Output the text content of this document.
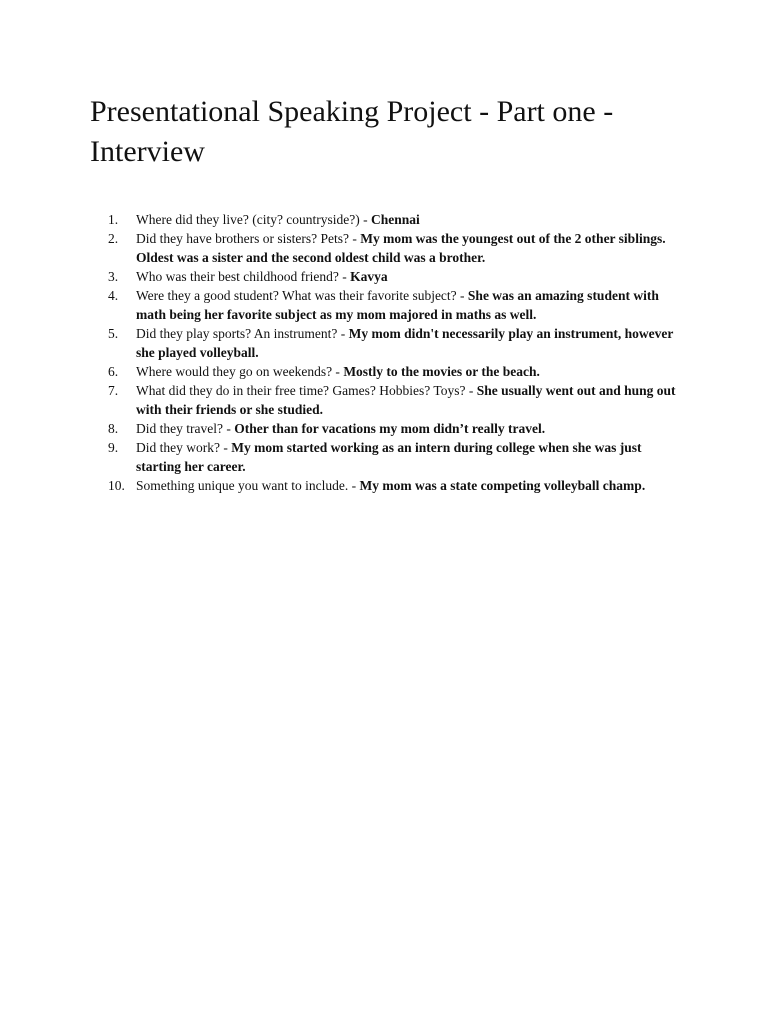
Presentational Speaking Project - Part one - Interview
1.	Where did they live? (city? countryside?) - Chennai
2.	Did they have brothers or sisters? Pets? - My mom was the youngest out of the 2 other siblings. Oldest was a sister and the second oldest child was a brother.
3.	Who was their best childhood friend? - Kavya
4.	Were they a good student? What was their favorite subject? - She was an amazing student with math being her favorite subject as my mom majored in maths as well.
5.	Did they play sports? An instrument? - My mom didn't necessarily play an instrument, however she played volleyball.
6.	Where would they go on weekends? - Mostly to the movies or the beach.
7.	What did they do in their free time? Games? Hobbies? Toys? - She usually went out and hung out with their friends or she studied.
8.	Did they travel? - Other than for vacations my mom didn’t really travel.
9.	Did they work? - My mom started working as an intern during college when she was just starting her career.
10. Something unique you want to include. - My mom was a state competing volleyball champ.
